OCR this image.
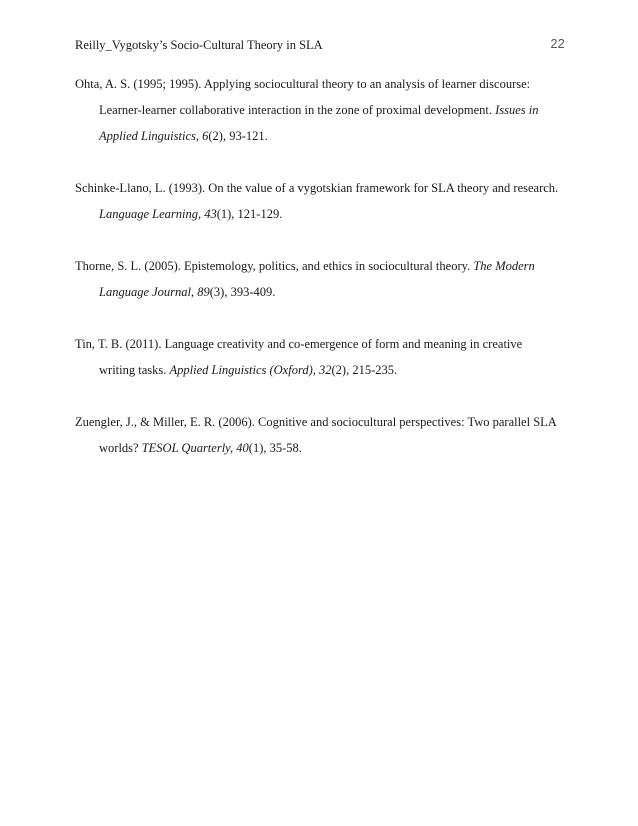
Reilly_Vygotsky’s Socio-Cultural Theory in SLA	22
Ohta, A. S. (1995; 1995). Applying sociocultural theory to an analysis of learner discourse:
Learner-learner collaborative interaction in the zone of proximal development. Issues in
Applied Linguistics, 6(2), 93-121.
Schinke-Llano, L. (1993). On the value of a vygotskian framework for SLA theory and research.
Language Learning, 43(1), 121-129.
Thorne, S. L. (2005). Epistemology, politics, and ethics in sociocultural theory. The Modern
Language Journal, 89(3), 393-409.
Tin, T. B. (2011). Language creativity and co-emergence of form and meaning in creative
writing tasks. Applied Linguistics (Oxford), 32(2), 215-235.
Zuengler, J., & Miller, E. R. (2006). Cognitive and sociocultural perspectives: Two parallel SLA
worlds? TESOL Quarterly, 40(1), 35-58.
